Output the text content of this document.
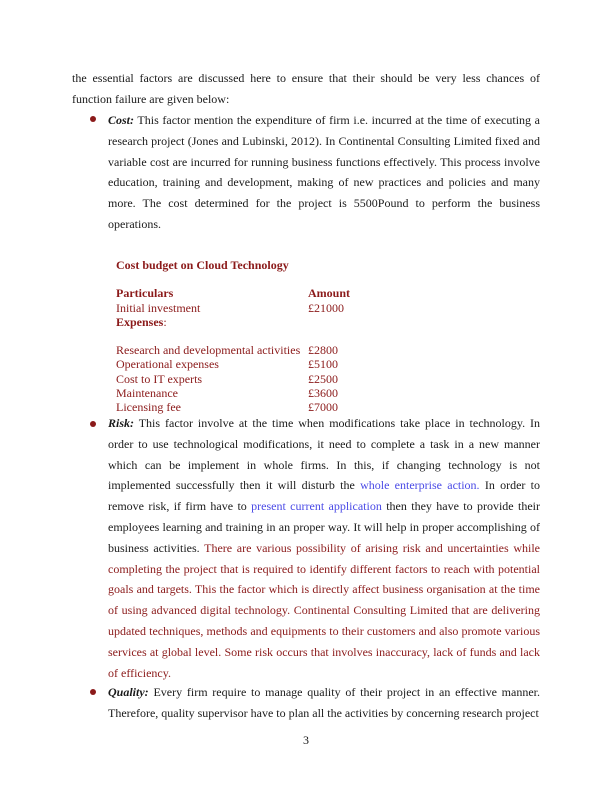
the essential factors are discussed here to ensure that their should be very less chances of function failure are given below:

Cost: This factor mention the expenditure of firm i.e. incurred at the time of executing a research project (Jones and Lubinski, 2012). In Continental Consulting Limited fixed and variable cost are incurred for running business functions effectively. This process involve education, training and development, making of new practices and policies and many more. The cost determined for the project is 5500Pound to perform the business operations.

Cost budget on Cloud Technology
Particulars	Amount
Initial investment	£21000
Expenses :
Research and developmental activities £2800
Operational expenses	£5100
Cost to IT experts	£2500
Maintenance	£3600
Licensing fee	£7000

Risk: This factor involve at the time when modifications take place in technology. In order to use technological modifications, it need to complete a task in a new manner which can be implement in whole firms. In this, if changing technology is not implemented successfully then it will disturb the whole enterprise action. In order to remove risk, if firm have to present current application then they have to provide their employees learning and training in an proper way. It will help in proper accomplishing of business activities. There are various possibility of arising risk and uncertainties while completing the project that is required to identify different factors to reach with potential goals and targets. This the factor which is directly affect business organisation at the time of using advanced digital technology. Continental Consulting Limited that are delivering updated techniques, methods and equipments to their customers and also promote various services at global level. Some risk occurs that involves inaccuracy, lack of funds and lack of efficiency.

Quality: Every firm require to manage quality of their project in an effective manner. Therefore, quality supervisor have to plan all the activities by concerning research project

3
